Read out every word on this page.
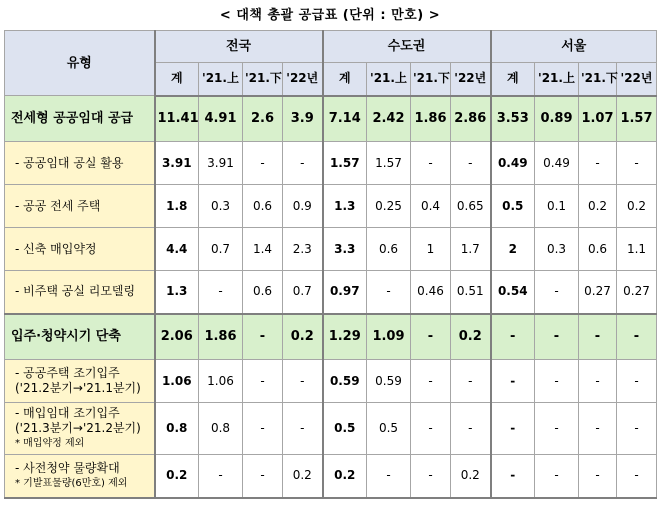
< 대책 총괄 공급표 (단위 : 만호) >
유형	전국				수도권				서울			
	계	'21.上	'21.下	'22년	계	'21.上	'21.下	'22년	계	'21.上	'21.下	'22년

전세형 공공임대 공급	11.41	4.91	2.6	3.9	7.14	2.42	1.86	2.86	3.53	0.89	1.07	1.57

- 공공임대 공실 활용	3.91	3.91	-	-	1.57	1.57	-	-	0.49	0.49	-	-

- 공공 전세 주택	1.8	0.3	0.6	0.9	1.3	0.25	0.4	0.65	0.5	0.1	0.2	0.2

- 신축 매입약정	4.4	0.7	1.4	2.3	3.3	0.6	1	1.7	2	0.3	0.6	1.1

- 비주택 공실 리모델링	1.3	-	0.6	0.7	0.97	-	0.46	0.51	0.54	-	0.27	0.27

입주·청약시기 단축	2.06	1.86	-	0.2	1.29	1.09	-	0.2	-	-	-	-

- 공공주택 조기입주
('21.2분기→'21.1분기)	1.06	1.06	-	-	0.59	0.59	-	-	-	-	-	-

- 매입임대 조기입주
('21.3분기→'21.2분기)
* 매입약정 제외	0.8	0.8	-	-	0.5	0.5	-	-	-	-	-	-

- 사전청약 물량확대
* 기발표물량(6만호) 제외	0.2	-	-	0.2	0.2	-	-	0.2	-	-	-	-
